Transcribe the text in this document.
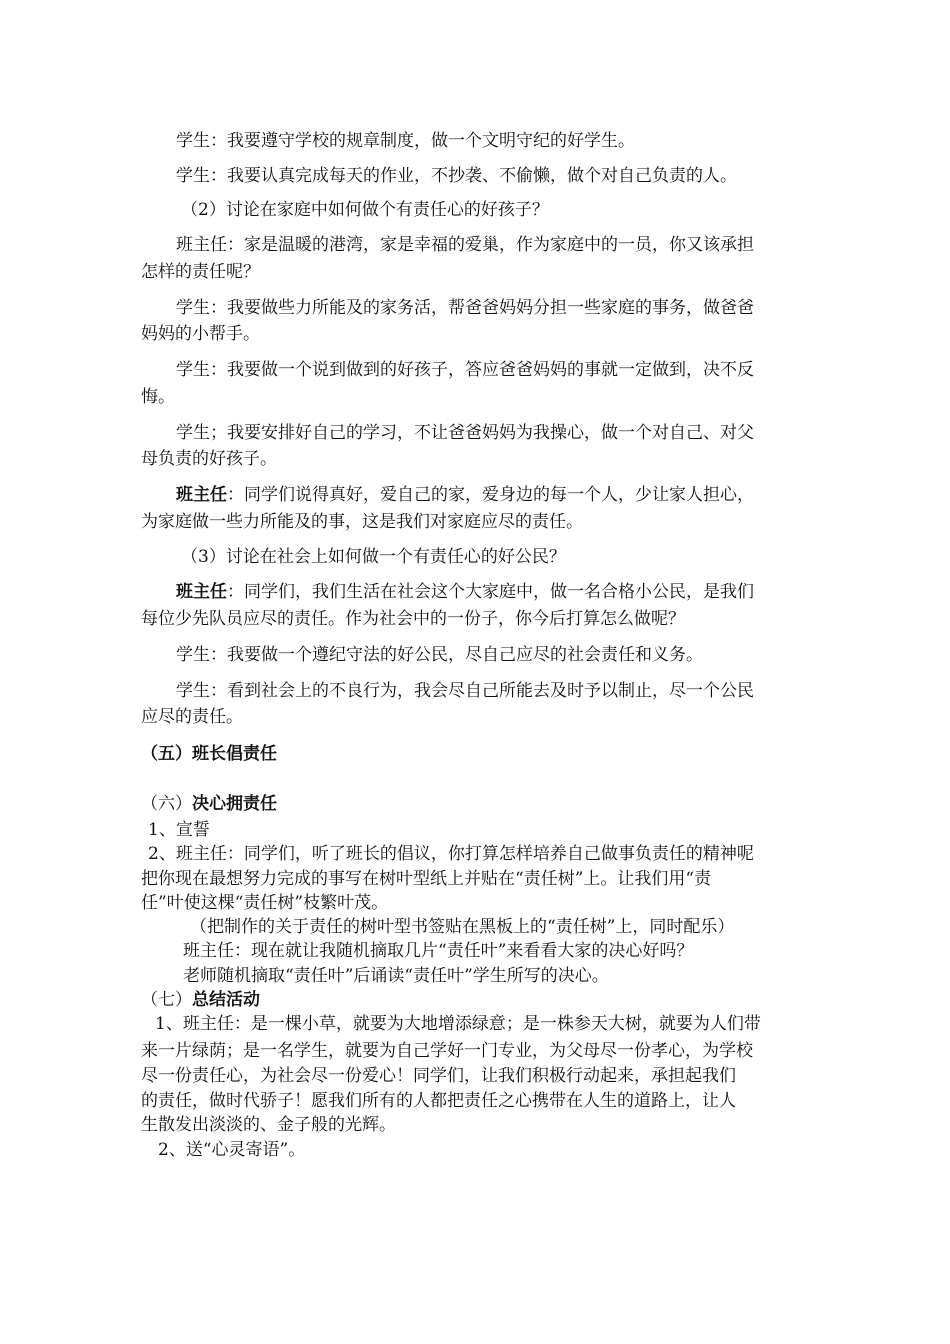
学生：我要遵守学校的规章制度，做一个文明守纪的好学生。
学生：我要认真完成每天的作业，不抄袭、不偷懒，做个对自己负责的人。
（2）讨论在家庭中如何做个有责任心的好孩子？
班主任：家是温暖的港湾，家是幸福的爱巢，作为家庭中的一员，你又该承担
怎样的责任呢？
学生：我要做些力所能及的家务活，帮爸爸妈妈分担一些家庭的事务，做爸爸
妈妈的小帮手。
学生：我要做一个说到做到的好孩子，答应爸爸妈妈的事就一定做到，决不反
悔。
学生；我要安排好自己的学习，不让爸爸妈妈为我操心，做一个对自己、对父
母负责的好孩子。
班主任：同学们说得真好，爱自己的家，爱身边的每一个人，少让家人担心，
为家庭做一些力所能及的事，这是我们对家庭应尽的责任。
（3）讨论在社会上如何做一个有责任心的好公民？
班主任：同学们，我们生活在社会这个大家庭中，做一名合格小公民，是我们
每位少先队员应尽的责任。作为社会中的一份子，你今后打算怎么做呢？
学生：我要做一个遵纪守法的好公民，尽自己应尽的社会责任和义务。
学生：看到社会上的不良行为，我会尽自己所能去及时予以制止，尽一个公民
应尽的责任。
（五）班长倡责任
（六）决心拥责任
1、宣誓
2、班主任：同学们，听了班长的倡议，你打算怎样培养自己做事负责任的精神呢
把你现在最想努力完成的事写在树叶型纸上并贴在“责任树”上。让我们用“责
任”叶使这棵“责任树”枝繁叶茂。
（把制作的关于责任的树叶型书签贴在黑板上的“责任树”上，同时配乐）
班主任：现在就让我随机摘取几片“责任叶”来看看大家的决心好吗？
老师随机摘取“责任叶”后诵读“责任叶”学生所写的决心。
（七）总结活动
1、班主任：是一棵小草，就要为大地增添绿意；是一株参天大树，就要为人们带
来一片绿荫；是一名学生，就要为自己学好一门专业，为父母尽一份孝心，为学校
尽一份责任心，为社会尽一份爱心！同学们，让我们积极行动起来，承担起我们
的责任，做时代骄子！愿我们所有的人都把责任之心携带在人生的道路上，让人
生散发出淡淡的、金子般的光辉。
2、送“心灵寄语”。
